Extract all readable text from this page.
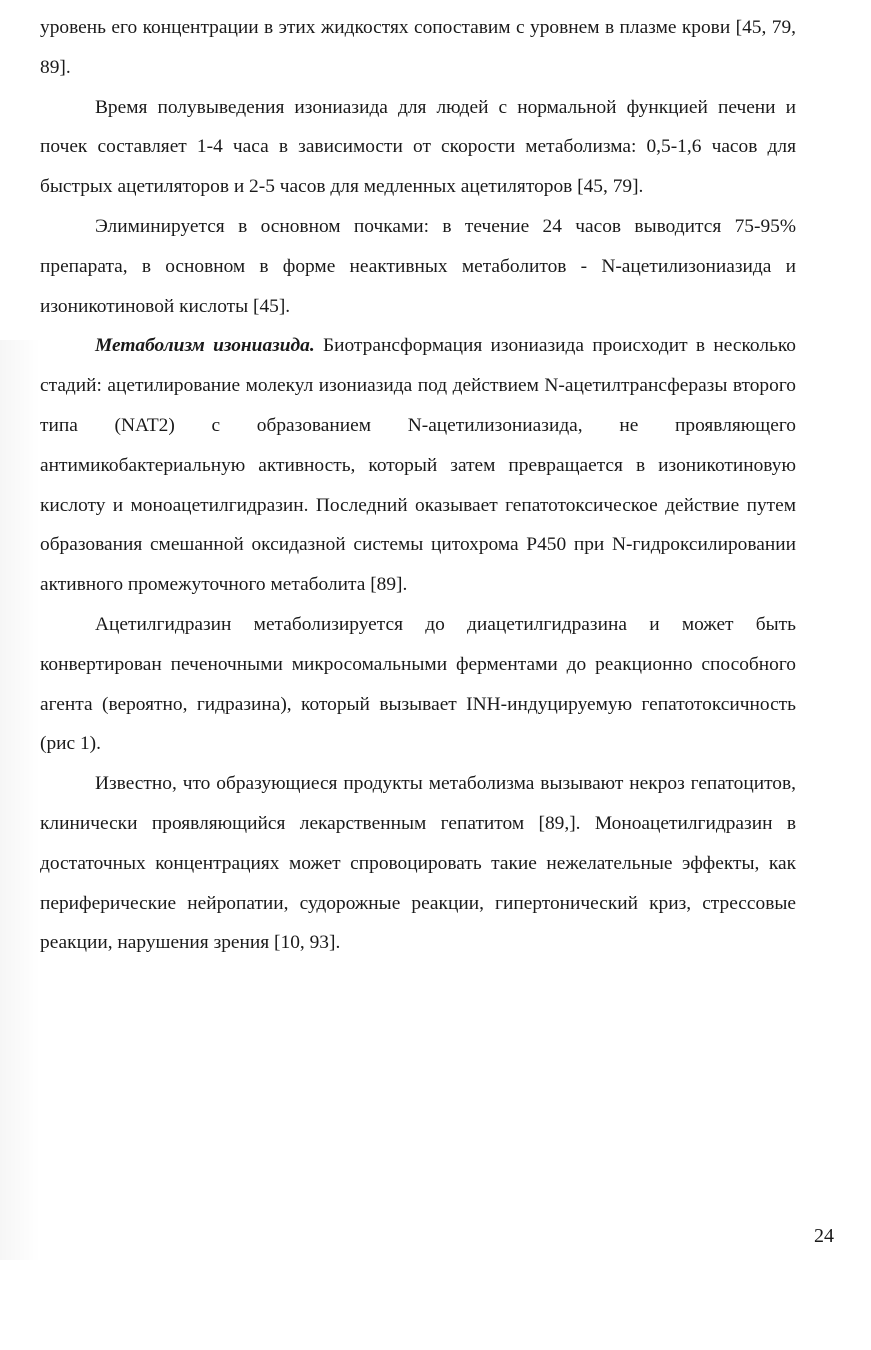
уровень его концентрации в этих жидкостях сопоставим с уровнем в плазме крови [45, 79, 89].

Время полувыведения изониазида для людей с нормальной функцией печени и почек составляет 1-4 часа в зависимости от скорости метаболизма: 0,5-1,6 часов для быстрых ацетиляторов и 2-5 часов для медленных ацетиляторов [45, 79].

Элиминируется в основном почками: в течение 24 часов выводится 75-95% препарата, в основном в форме неактивных метаболитов - N-ацетилизониазида и изоникотиновой кислоты [45].

Метаболизм изониазида. Биотрансформация изониазида происходит в несколько стадий: ацетилирование молекул изониазида под действием N-ацетилтрансферазы второго типа (NAT2) с образованием N-ацетилизониазида, не проявляющего антимикобактериальную активность, который затем превращается в изоникотиновую кислоту и моноацетилгидразин. Последний оказывает гепатотоксическое действие путем образования смешанной оксидазной системы цитохрома Р450 при N-гидроксилировании активного промежуточного метаболита [89].

Ацетилгидразин метаболизируется до диацетилгидразина и может быть конвертирован печеночными микросомальными ферментами до реакционно способного агента (вероятно, гидразина), который вызывает INH-индуцируемую гепатотоксичность (рис 1).

Известно, что образующиеся продукты метаболизма вызывают некроз гепатоцитов, клинически проявляющийся лекарственным гепатитом [89,]. Моноацетилгидразин в достаточных концентрациях может спровоцировать такие нежелательные эффекты, как периферические нейропатии, судорожные реакции, гипертонический криз, стрессовые реакции, нарушения зрения [10, 93].

24
